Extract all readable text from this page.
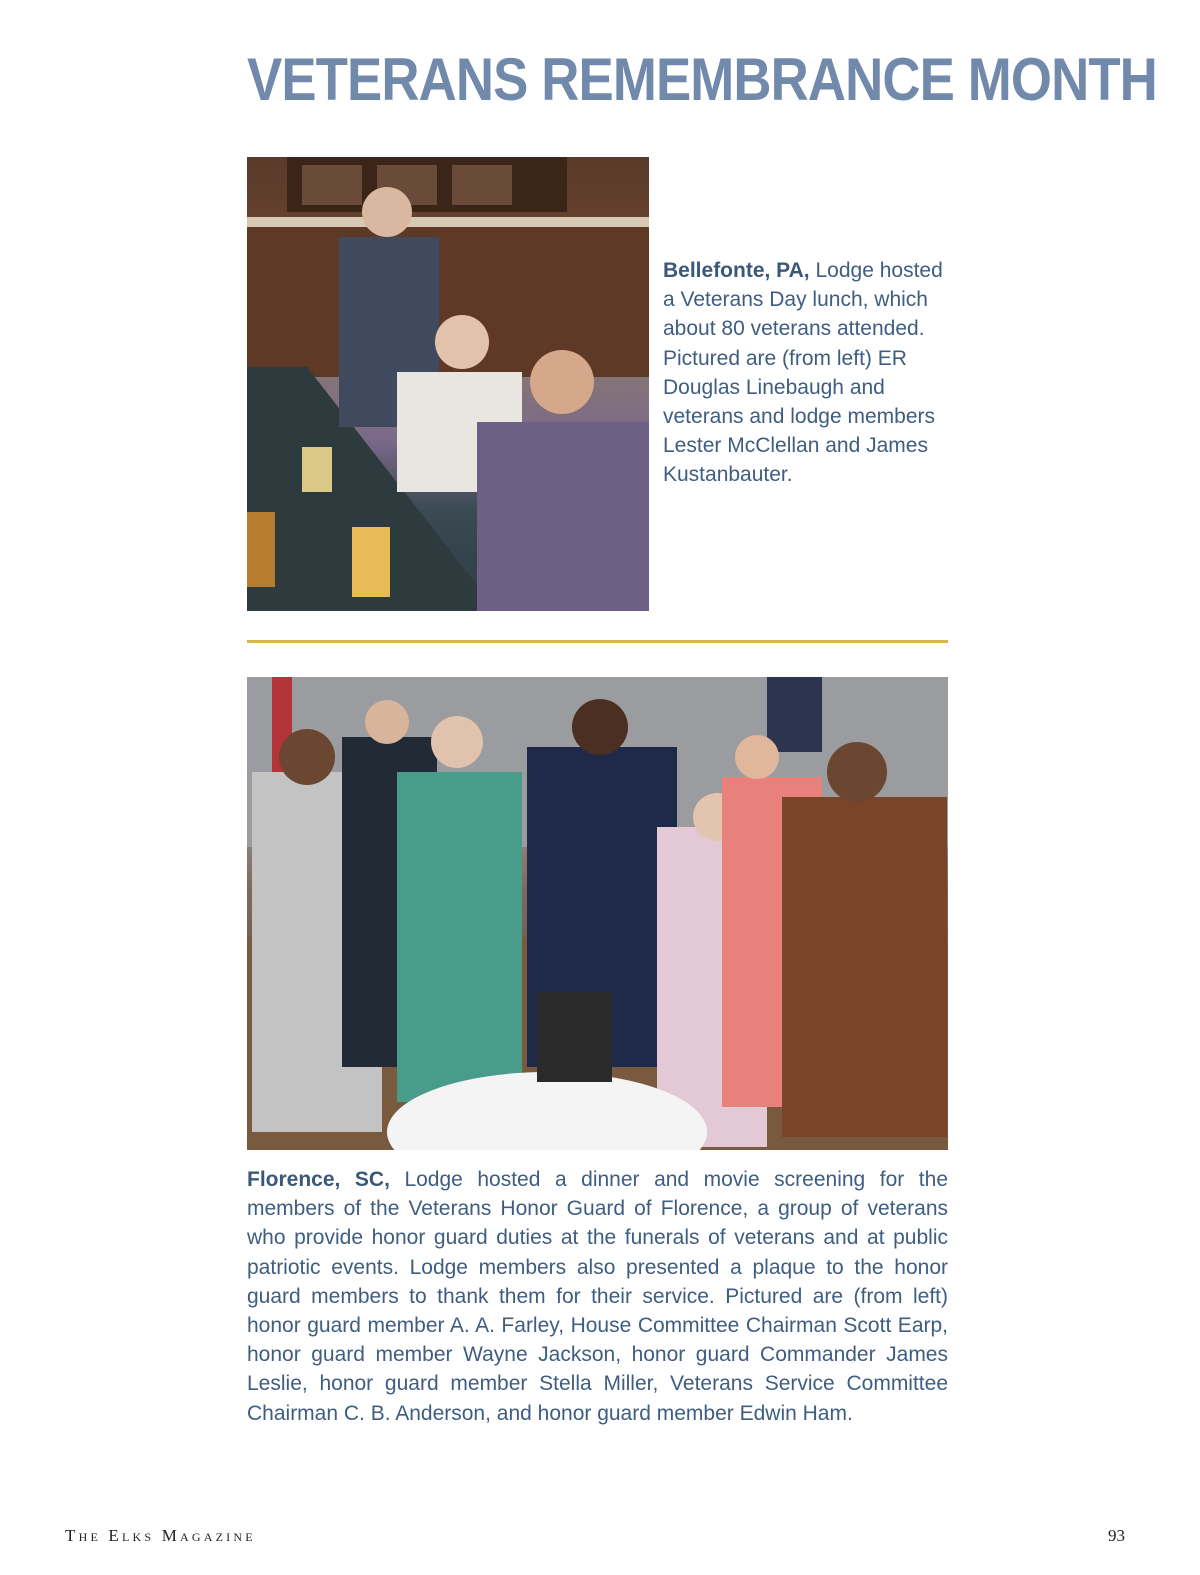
VETERANS REMEMBRANCE MONTH

Bellefonte, PA, Lodge hosted a Veterans Day lunch, which about 80 veterans attended. Pictured are (from left) ER Douglas Linebaugh and veterans and lodge members Lester McClellan and James Kustanbauter.

Florence, SC, Lodge hosted a dinner and movie screening for the members of the Veterans Honor Guard of Florence, a group of veterans who provide honor guard duties at the funerals of veterans and at public patriotic events. Lodge members also presented a plaque to the honor guard members to thank them for their service. Pictured are (from left) honor guard member A. A. Farley, House Committee Chairman Scott Earp, honor guard member Wayne Jackson, honor guard Commander James Leslie, honor guard member Stella Miller, Veterans Service Committee Chairman C. B. Anderson, and honor guard member Edwin Ham.

The Elks Magazine	93
